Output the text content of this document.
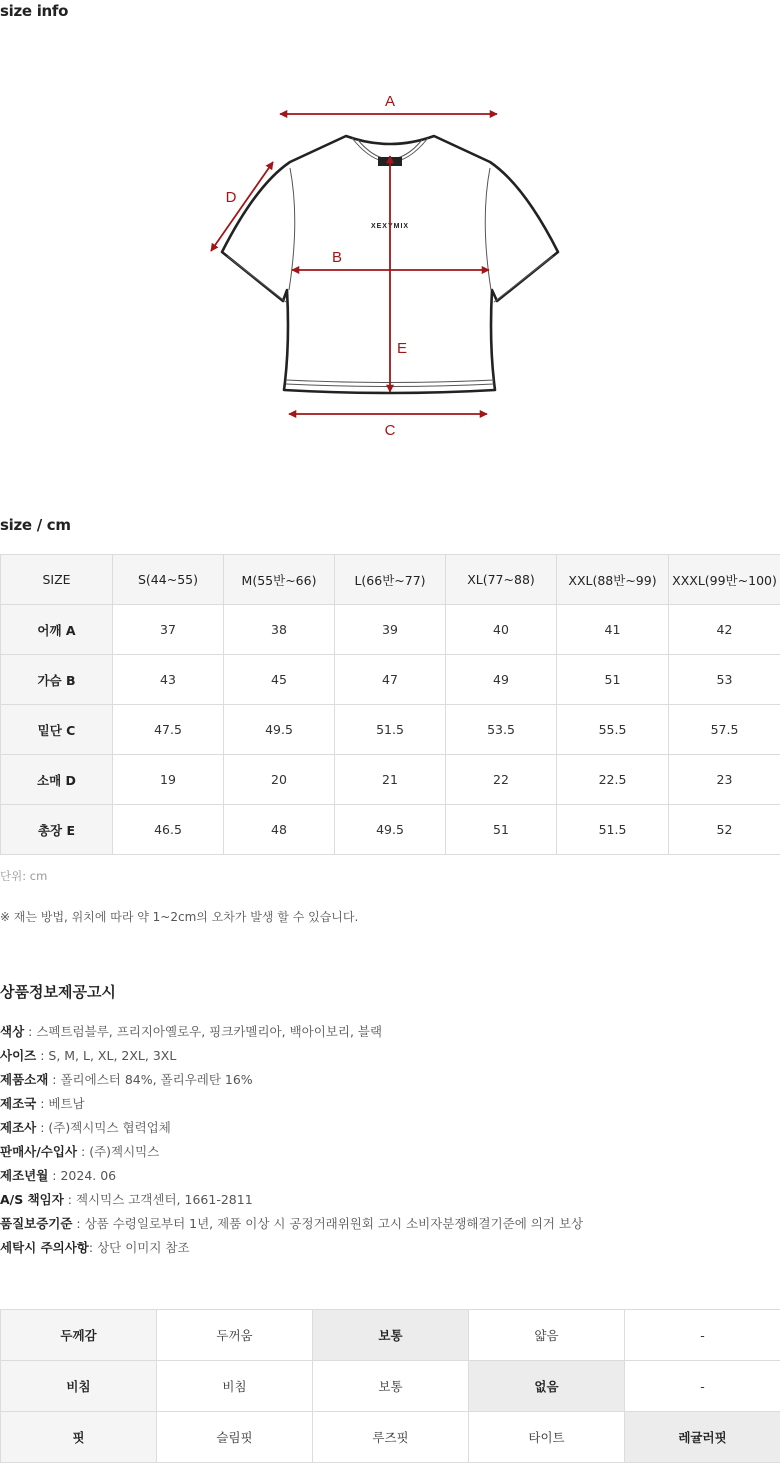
size info
XEXYMIX
A
B
C
D
E
size / cm
SIZE	S(44~55)	M(55반~66)	L(66반~77)	XL(77~88)	XXL(88반~99)	XXXL(99반~100)
어깨 A	37	38	39	40	41	42
가슴 B	43	45	47	49	51	53
밑단 C	47.5	49.5	51.5	53.5	55.5	57.5
소매 D	19	20	21	22	22.5	23
총장 E	46.5	48	49.5	51	51.5	52
단위: cm
※ 재는 방법, 위치에 따라 약 1~2cm의 오차가 발생 할 수 있습니다.
상품정보제공고시
색상 : 스펙트럼블루, 프리지아옐로우, 핑크카멜리아, 백아이보리, 블랙
사이즈 : S, M, L, XL, 2XL, 3XL
제품소재 : 폴리에스터 84%, 폴리우레탄 16%
제조국 : 베트남
제조사 : (주)젝시믹스 협력업체
판매사/수입사 : (주)젝시믹스
제조년월 : 2024. 06
A/S 책임자 : 젝시믹스 고객센터, 1661-2811
품질보증기준 : 상품 수령일로부터 1년, 제품 이상 시 공정거래위원회 고시 소비자분쟁해결기준에 의거 보상
세탁시 주의사항: 상단 이미지 참조
두께감	두꺼움	보통	얇음	-
비침	비침	보통	없음	-
핏	슬림핏	루즈핏	타이트	레귤러핏
